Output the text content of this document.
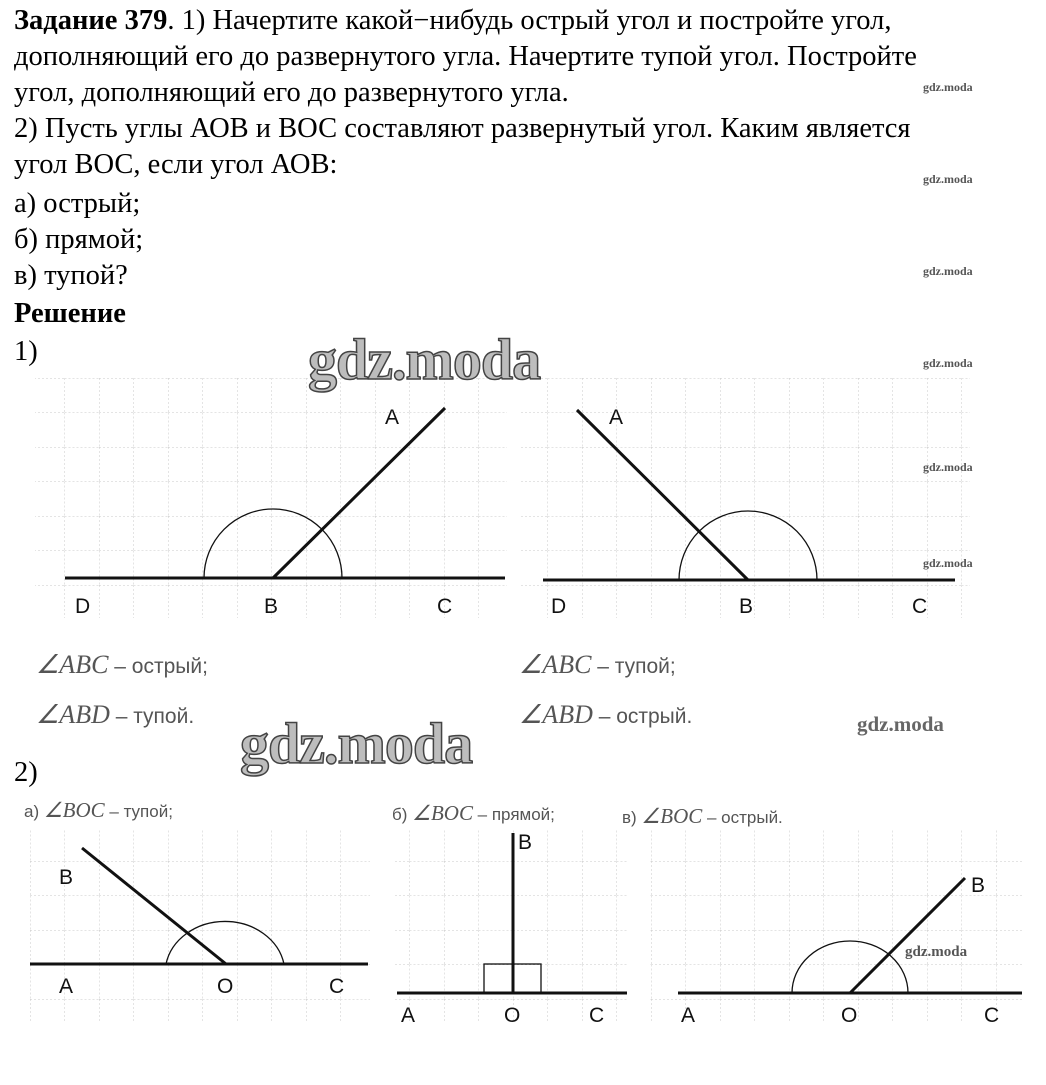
Задание 379. 1) Начертите какой−нибудь острый угол и постройте угол,
дополняющий его до развернутого угла. Начертите тупой угол. Постройте
угол, дополняющий его до развернутого угла.
2) Пусть углы АОВ и ВОС составляют развернутый угол. Каким является
угол ВОС, если угол АОВ:
а) острый;
б) прямой;
в) тупой?
Решение
1)
2)
A
D	B	C
A
D	B	C
B
A	O	C
B
A	O	C
B
A	O	C
∠ABC – острый;
∠ABD – тупой.
∠ABC – тупой;
∠ABD – острый.
а) ∠BOC – тупой;	б) ∠BOC – прямой;	в) ∠BOC – острый.
gdz.moda
gdz.moda	gdz.moda
gdz.moda
gdz.moda
gdz.moda
gdz.moda
gdz.moda
gdz.moda
gdz.moda
